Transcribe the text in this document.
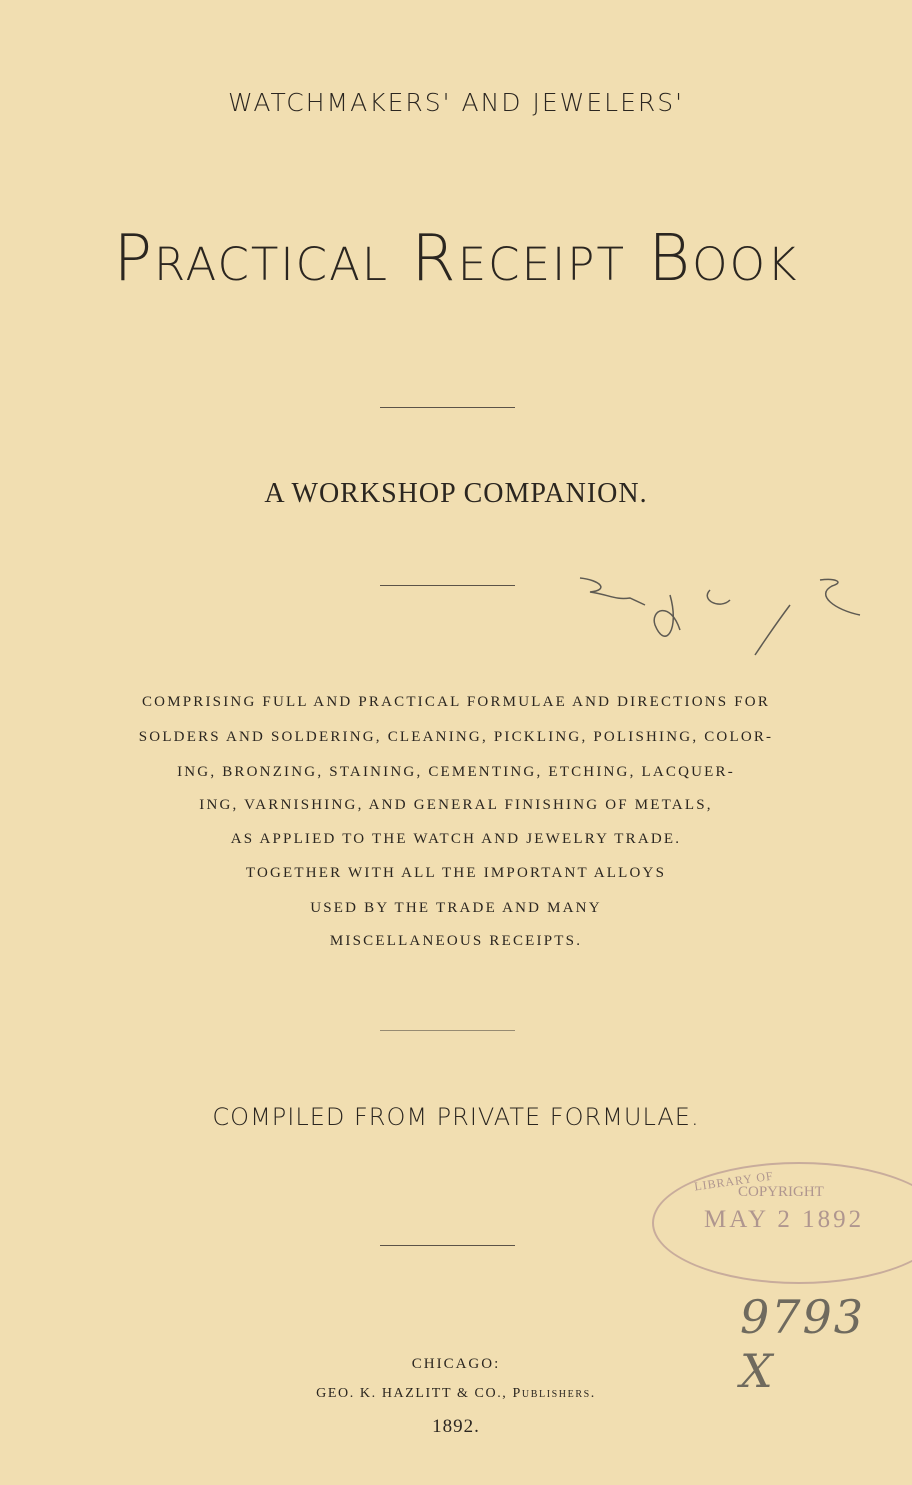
WATCHMAKERS' AND JEWELERS'
Practical Receipt Book
A WORKSHOP COMPANION.
COMPRISING FULL AND PRACTICAL FORMULAE AND DIRECTIONS FOR
SOLDERS AND SOLDERING, CLEANING, PICKLING, POLISHING, COLOR-
ING, BRONZING, STAINING, CEMENTING, ETCHING, LACQUER-
ING, VARNISHING, AND GENERAL FINISHING OF METALS,
AS APPLIED TO THE WATCH AND JEWELRY TRADE.
TOGETHER WITH ALL THE IMPORTANT ALLOYS
USED BY THE TRADE AND MANY
MISCELLANEOUS RECEIPTS.
COMPILED FROM PRIVATE FORMULAE.
LIBRARY OF
COPYRIGHT
MAY 2 1892
9793 X
CHICAGO:
GEO. K. HAZLITT & CO., Publishers.
1892.
